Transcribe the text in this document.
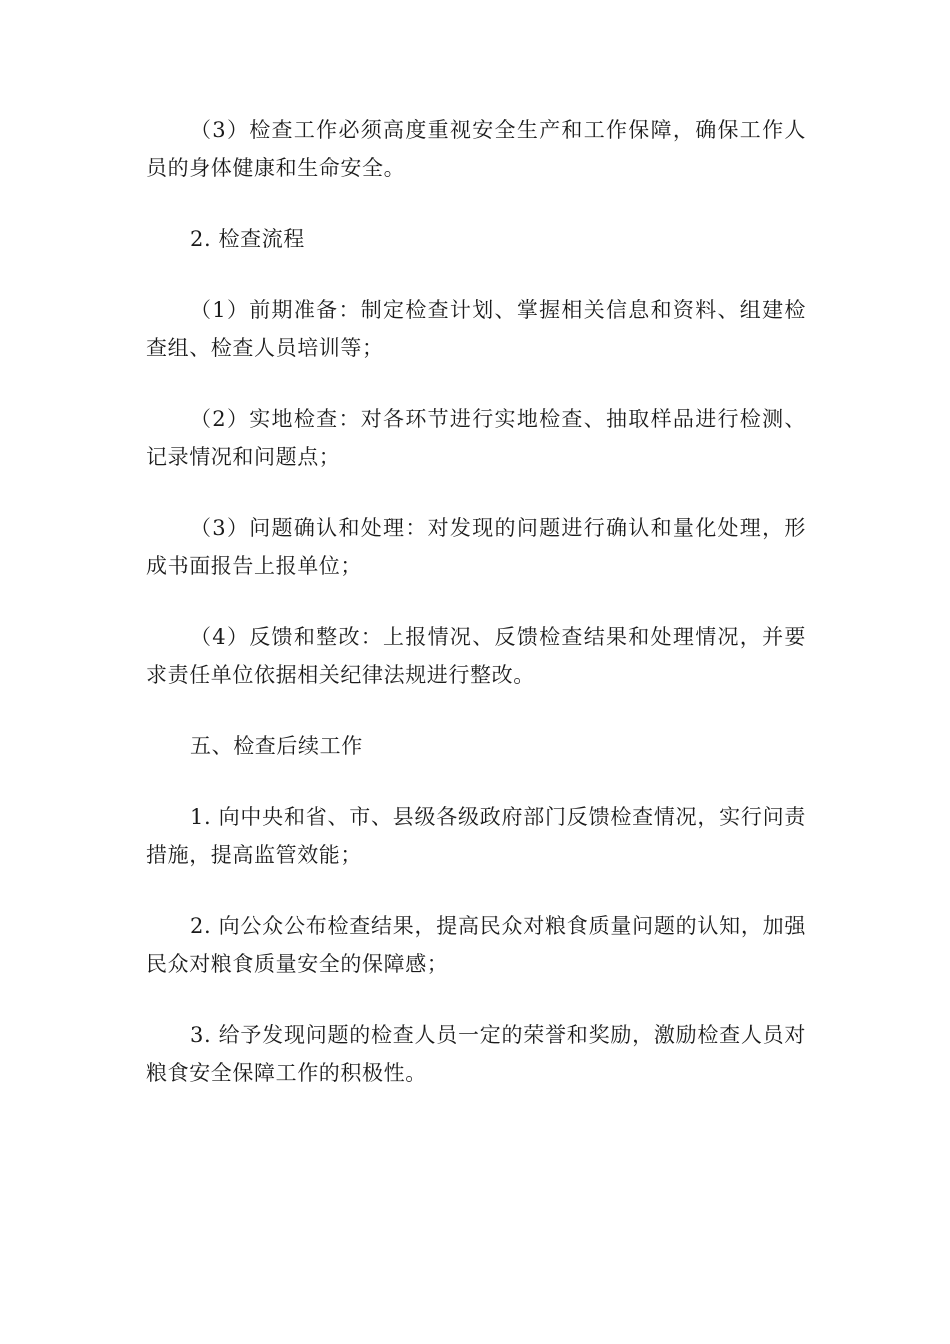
（3）检查工作必须高度重视安全生产和工作保障，确保工作人员的身体健康和生命安全。

2. 检查流程

（1）前期准备：制定检查计划、掌握相关信息和资料、组建检查组、检查人员培训等；

（2）实地检查：对各环节进行实地检查、抽取样品进行检测、记录情况和问题点；

（3）问题确认和处理：对发现的问题进行确认和量化处理，形成书面报告上报单位；

（4）反馈和整改：上报情况、反馈检查结果和处理情况，并要求责任单位依据相关纪律法规进行整改。

五、检查后续工作

1. 向中央和省、市、县级各级政府部门反馈检查情况，实行问责措施，提高监管效能；

2. 向公众公布检查结果，提高民众对粮食质量问题的认知，加强民众对粮食质量安全的保障感；

3. 给予发现问题的检查人员一定的荣誉和奖励，激励检查人员对粮食安全保障工作的积极性。
